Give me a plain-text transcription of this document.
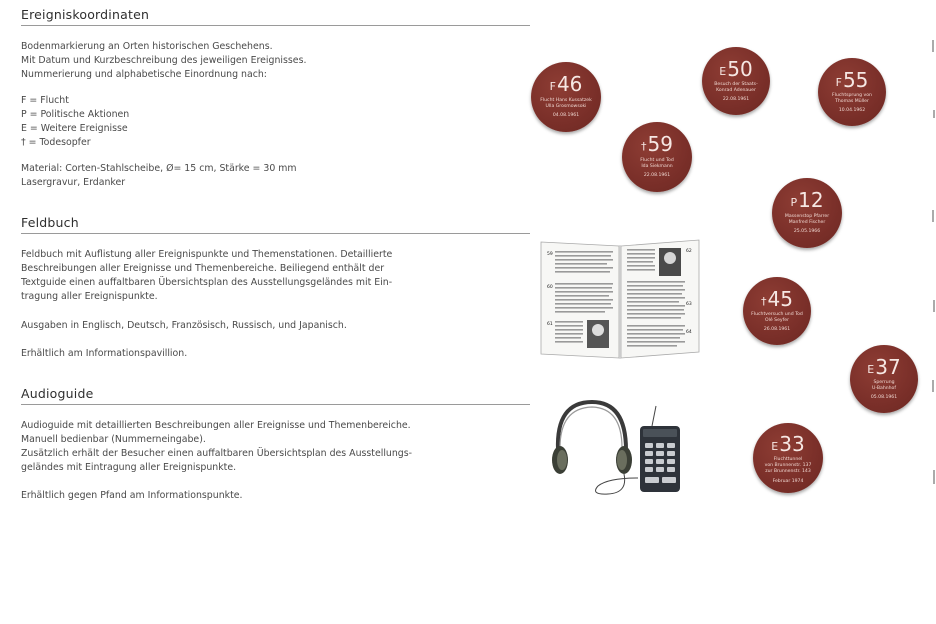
Ereigniskoordinaten

Bodenmarkierung an Orten historischen Geschehens.
Mit Datum und Kurzbeschreibung des jeweiligen Ereignisses.
Nummerierung und alphabetische Einordnung nach:

F = Flucht
P = Politische Aktionen
E = Weitere Ereignisse
† = Todesopfer

Material: Corten-Stahlscheibe, Ø= 15 cm, Stärke = 30 mm
Lasergravur, Erdanker

Feldbuch

Feldbuch mit Auflistung aller Ereignispunkte und Themenstationen. Detaillierte
Beschreibungen aller Ereignisse und Themenbereiche. Beiliegend enthält der
Textguide einen auffaltbaren Übersichtsplan des Ausstellungsgeländes mit Ein-
tragung aller Ereignispunkte.

Ausgaben in Englisch, Deutsch, Französisch, Russisch, und Japanisch.

Erhältlich am Informationspavillion.

Audioguide

Audioguide mit detaillierten Beschreibungen aller Ereignisse und Themenbereiche.
Manuell bedienbar (Nummerneingabe).
Zusätzlich erhält der Besucher einen auffaltbaren Übersichtsplan des Ausstellungs-
geländes mit Eintragung aller Ereignispunkte.

Erhältlich gegen Pfand am Informationspunkte.

59
60
61
62
63
64
F46
Flucht Hans Kussatzek
Ulla Grosmowsoki
04.08.1961
E50
Besuch der Staats-
Konrad Adenauer
22.08.1961
F55
Fluchtsprung von
Thomas Müller
10.04.1962
†59
Flucht und Tod
Ida Siekmann
22.08.1961
P12
Massenstop Pfarrer
Manfred Fischer
25.05.1966
†45
Fluchtversuch und Tod
Olé Seyfer
26.08.1961
E37
Sperrung
U-Bahnhof
05.08.1961
E33
Fluchttunnel
von Brunnenstr. 137
zur Brunnenstr. 143
Februar 1974
